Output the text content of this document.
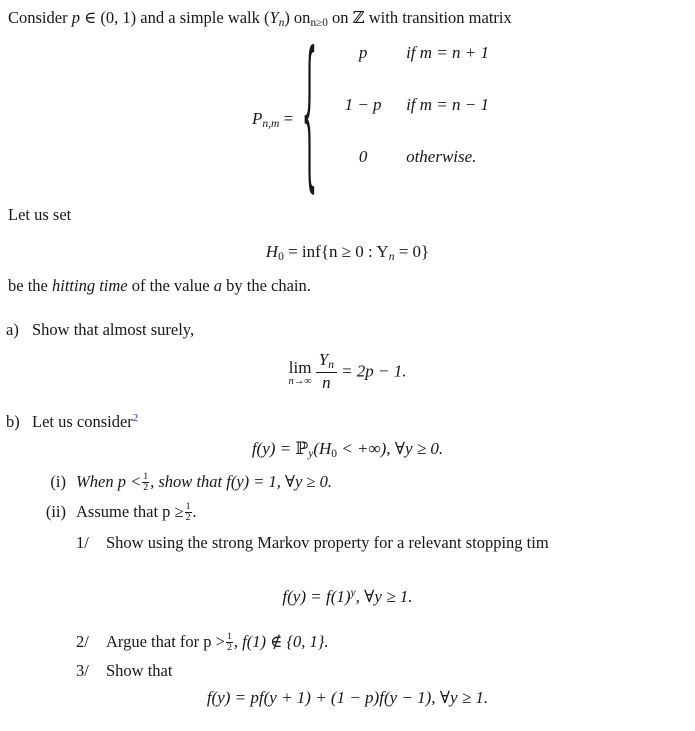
Consider p ∈ (0, 1) and a simple walk $(Y_n)$ onn≥0 on ℤ with transition matrix
$P_{n,m}$ = {	p	if m = n + 1
1 − p	if m = n − 1
0	otherwise.
Let us set
H0 = inf{n ≥ 0 : $Y_n = 0$}
be the hitting time of the value a by the chain.
a) Show that almost surely,
lim
$n\to\infty \frac{Y_n}{n} = 2p - 1$.
b) Let us consider$^2$
f(y) = ℙ$_y$(H0 < +∞), ∀y ≥ 0.
(i) When $p < \frac{1}{2}$ , show that f(y) = 1, ∀y ≥ 0.
(ii) Assume that $p \ge \frac{1}{2}$ .
1/	Show using the strong Markov property for a relevant stopping tim
$f(y) = f(1)^y$, ∀y ≥ 1.
2/	Argue that for $p > \frac{1}{2}$ , f(1) ∉ {0, 1}.
3/	Show that
f(y) = pf(y + 1) + (1 − p)f(y − 1), ∀y ≥ 1.
